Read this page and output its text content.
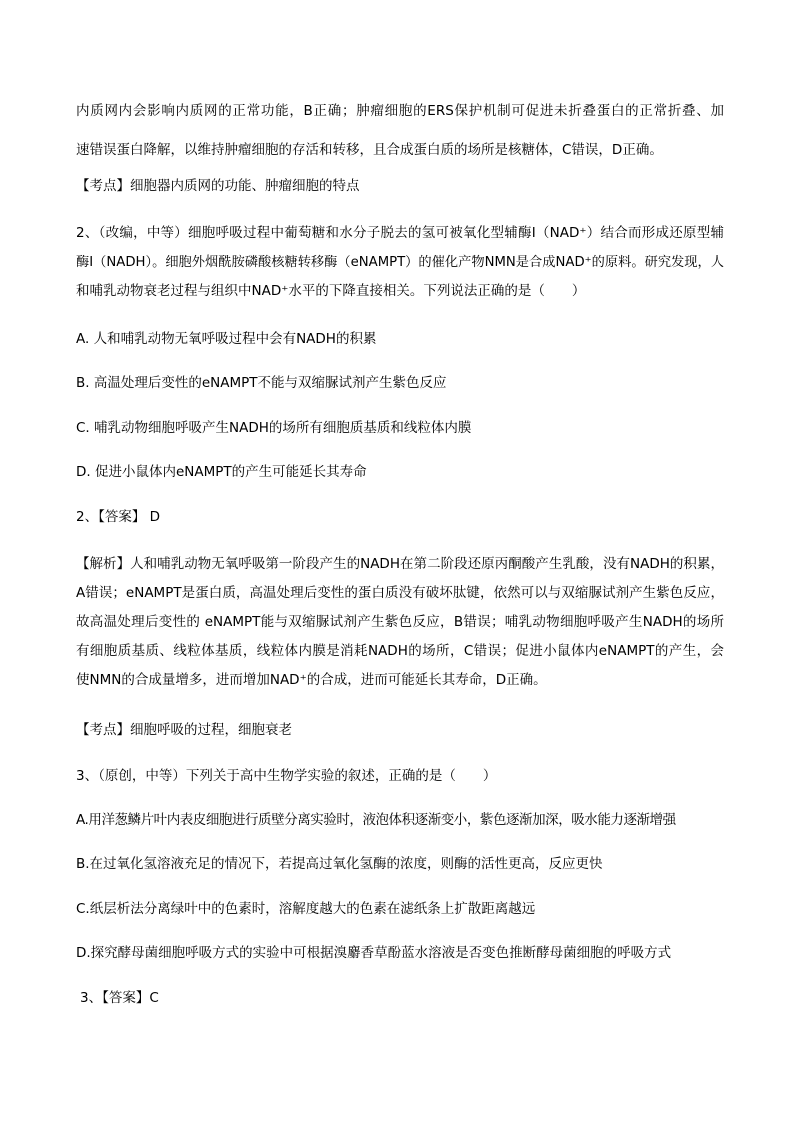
内质网内会影响内质网的正常功能，B正确；肿瘤细胞的ERS保护机制可促进未折叠蛋白的正常折叠、加
速错误蛋白降解，以维持肿瘤细胞的存活和转移，且合成蛋白质的场所是核糖体，C错误，D正确。
【考点】细胞器内质网的功能、肿瘤细胞的特点
2、（改编，中等）细胞呼吸过程中葡萄糖和水分子脱去的氢可被氧化型辅酶Ⅰ（NAD⁺）结合而形成还原型辅
酶Ⅰ（NADH）。细胞外烟酰胺磷酸核糖转移酶（eNAMPT）的催化产物NMN是合成NAD⁺的原料。研究发现，人
和哺乳动物衰老过程与组织中NAD⁺水平的下降直接相关。下列说法正确的是（　　）
A. 人和哺乳动物无氧呼吸过程中会有NADH的积累
B. 高温处理后变性的eNAMPT不能与双缩脲试剂产生紫色反应
C. 哺乳动物细胞呼吸产生NADH的场所有细胞质基质和线粒体内膜
D. 促进小鼠体内eNAMPT的产生可能延长其寿命
2、【答案】 D
【解析】人和哺乳动物无氧呼吸第一阶段产生的NADH在第二阶段还原丙酮酸产生乳酸，没有NADH的积累，
A错误；eNAMPT是蛋白质，高温处理后变性的蛋白质没有破坏肽键，依然可以与双缩脲试剂产生紫色反应，
故高温处理后变性的 eNAMPT能与双缩脲试剂产生紫色反应，B错误；哺乳动物细胞呼吸产生NADH的场所
有细胞质基质、线粒体基质，线粒体内膜是消耗NADH的场所，C错误；促进小鼠体内eNAMPT的产生，会
使NMN的合成量增多，进而增加NAD⁺的合成，进而可能延长其寿命，D正确。
【考点】细胞呼吸的过程，细胞衰老
3、（原创，中等）下列关于高中生物学实验的叙述，正确的是（　　）
A.用洋葱鳞片叶内表皮细胞进行质壁分离实验时，液泡体积逐渐变小，紫色逐渐加深，吸水能力逐渐增强
B.在过氧化氢溶液充足的情况下，若提高过氧化氢酶的浓度，则酶的活性更高，反应更快
C.纸层析法分离绿叶中的色素时，溶解度越大的色素在滤纸条上扩散距离越远
D.探究酵母菌细胞呼吸方式的实验中可根据溴麝香草酚蓝水溶液是否变色推断酵母菌细胞的呼吸方式
3、【答案】C
